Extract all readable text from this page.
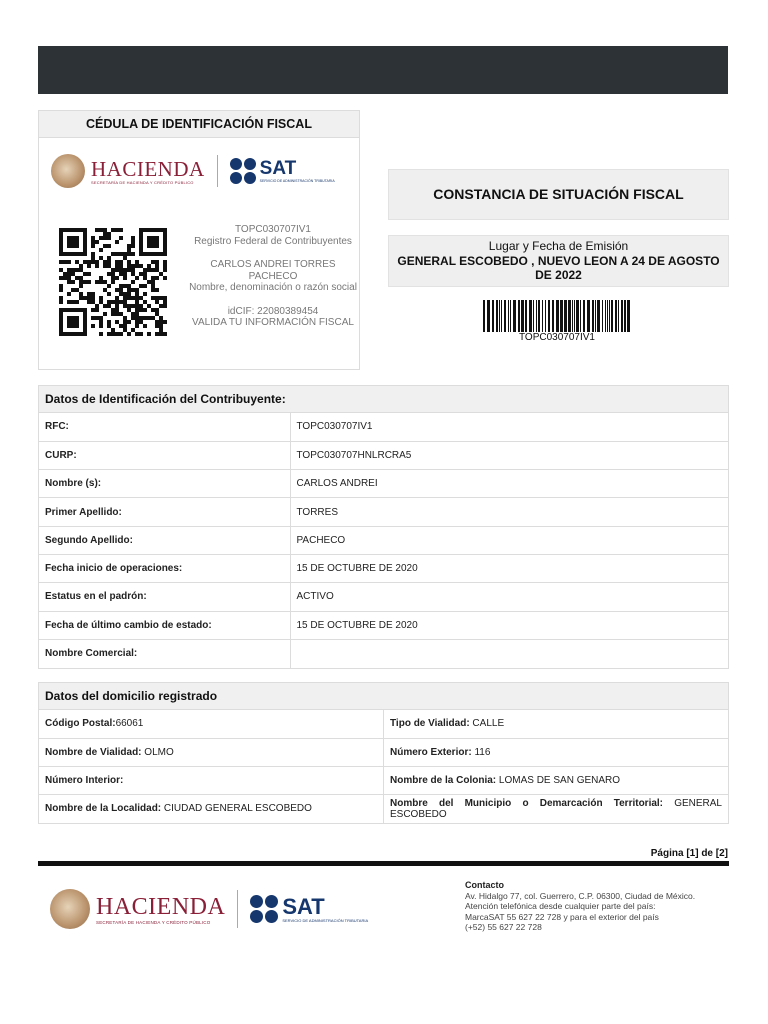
CÉDULA DE IDENTIFICACIÓN FISCAL
HACIENDA
SECRETARÍA DE HACIENDA Y CRÉDITO PÚBLICO
SAT
SERVICIO DE ADMINISTRACIÓN TRIBUTARIA
TOPC030707IV1
Registro Federal de Contribuyentes
CARLOS ANDREI TORRES PACHECO
Nombre, denominación o razón social
idCIF: 22080389454
VALIDA TU INFORMACIÓN FISCAL
CONSTANCIA DE SITUACIÓN FISCAL
Lugar y Fecha de Emisión
GENERAL ESCOBEDO , NUEVO LEON A 24 DE AGOSTO DE 2022
TOPC030707IV1
Datos de Identificación del Contribuyente:
RFC:	TOPC030707IV1
CURP:	TOPC030707HNLRCRA5
Nombre (s):	CARLOS ANDREI
Primer Apellido:	TORRES
Segundo Apellido:	PACHECO
Fecha inicio de operaciones:	15 DE OCTUBRE DE 2020
Estatus en el padrón:	ACTIVO
Fecha de último cambio de estado:	15 DE OCTUBRE DE 2020
Nombre Comercial:	
Datos del domicilio registrado
Código Postal:66061	Tipo de Vialidad: CALLE
Nombre de Vialidad: OLMO	Número Exterior: 116
Número Interior:	Nombre de la Colonia: LOMAS DE SAN GENARO
Nombre de la Localidad: CIUDAD GENERAL ESCOBEDO	Nombre del Municipio o Demarcación Territorial: GENERAL ESCOBEDO
Página [1] de [2]
HACIENDA
SECRETARÍA DE HACIENDA Y CRÉDITO PÚBLICO
SAT
SERVICIO DE ADMINISTRACIÓN TRIBUTARIA
Contacto
Av. Hidalgo 77, col. Guerrero, C.P. 06300, Ciudad de México.
Atención telefónica desde cualquier parte del país:
MarcaSAT 55 627 22 728 y para el exterior del país
(+52) 55 627 22 728
